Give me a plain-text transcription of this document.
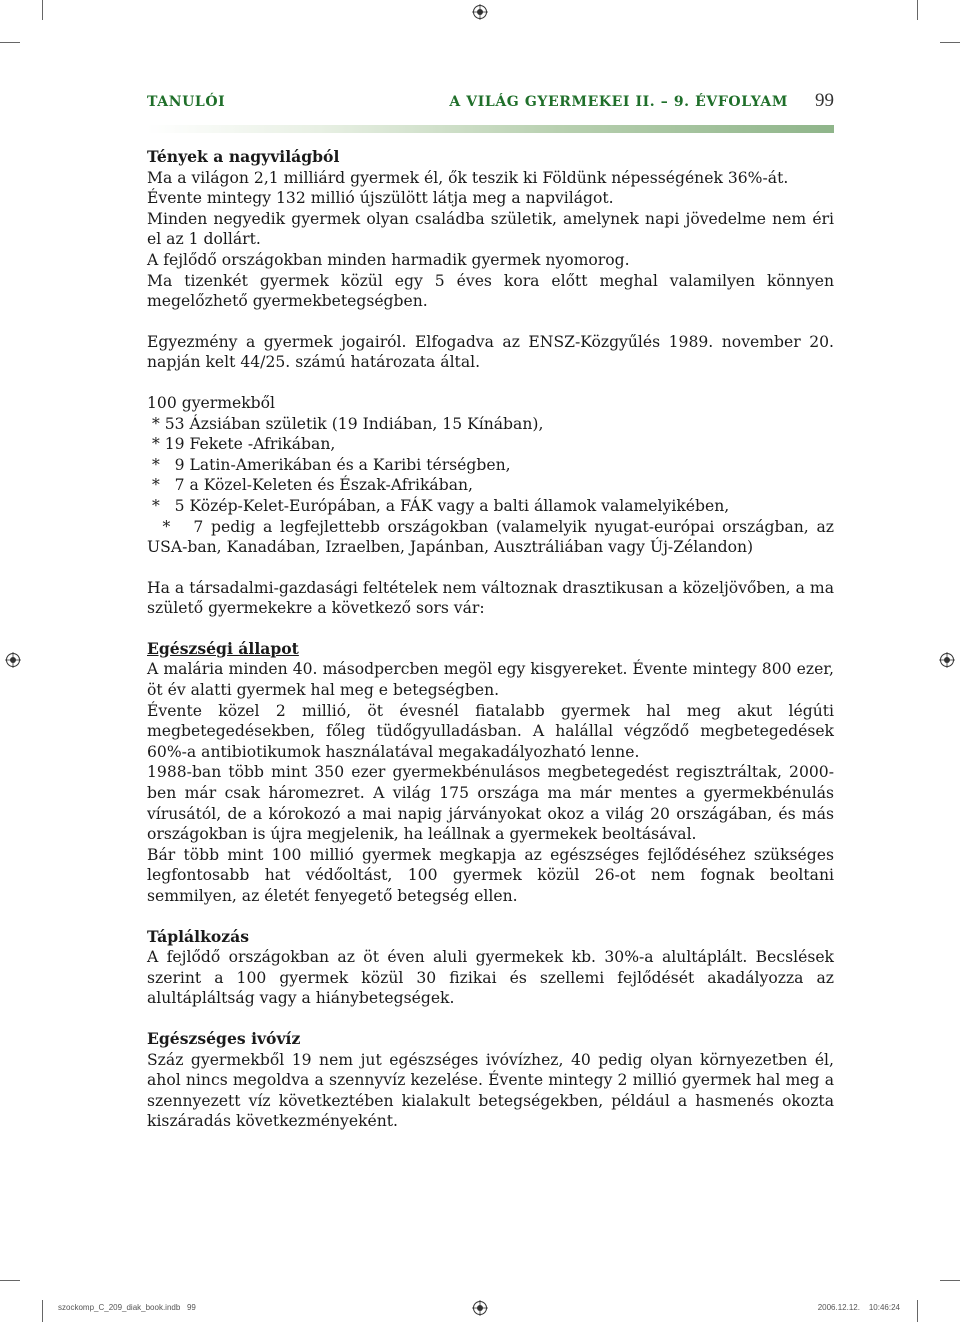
TANULÓI	A VILÁG GYERMEKEI II. – 9. ÉVFOLYAM 99

Tények a nagyvilágból

Ma a világon 2,1 milliárd gyermek él, ők teszik ki Földünk népességének 36%-át.

Évente mintegy 132 millió újszülött látja meg a napvilágot.

Minden negyedik gyermek olyan családba születik, amelynek napi jövedelme nem éri el az 1 dollárt.

A fejlődő országokban minden harmadik gyermek nyomorog.

Ma tizenkét gyermek közül egy 5 éves kora előtt meghal valamilyen könnyen megelőzhető gyermekbetegségben.

Egyezmény a gyermek jogairól. Elfogadva az ENSZ-Közgyűlés 1989. november 20. napján kelt 44/25. számú határozata által.

100 gyermekből

* 53 Ázsiában születik (19 Indiában, 15 Kínában),

* 19 Fekete -Afrikában,

*   9 Latin-Amerikában és a Karibi térségben,

*   7 a Közel-Keleten és Észak-Afrikában,

*   5 Közép-Kelet-Európában, a FÁK vagy a balti államok valamelyikében,

*   7 pedig a legfejlettebb országokban (valamelyik nyugat-európai országban, az USA-ban, Kanadában, Izraelben, Japánban, Ausztráliában vagy Új-Zélandon)

Ha a társadalmi-gazdasági feltételek nem változnak drasztikusan a közeljövőben, a ma születő gyermekekre a következő sors vár:

Egészségi állapot

A malária minden 40. másodpercben megöl egy kisgyereket. Évente mintegy 800 ezer, öt év alatti gyermek hal meg e betegségben.

Évente közel 2 millió, öt évesnél fiatalabb gyermek hal meg akut légúti megbetegedésekben, főleg tüdőgyulladásban. A halállal végződő megbetegedések 60%-a antibiotikumok használatával megakadályozható lenne.

1988-ban több mint 350 ezer gyermekbénulásos megbetegedést regisztráltak, 2000-ben már csak háromezret. A világ 175 országa ma már mentes a gyermekbénulás vírusától, de a kórokozó a mai napig járványokat okoz a világ 20 országában, és más országokban is újra megjelenik, ha leállnak a gyermekek beoltásával.

Bár több mint 100 millió gyermek megkapja az egészséges fejlődéséhez szükséges legfontosabb hat védőoltást, 100 gyermek közül 26-ot nem fognak beoltani semmilyen, az életét fenyegető betegség ellen.

Táplálkozás

A fejlődő országokban az öt éven aluli gyermekek kb. 30%-a alultáplált. Becslések szerint a 100 gyermek közül 30 fizikai és szellemi fejlődését akadályozza az alultápláltság vagy a hiánybetegségek.

Egészséges ivóvíz

Száz gyermekből 19 nem jut egészséges ivóvízhez, 40 pedig olyan környezetben él, ahol nincs megoldva a szennyvíz kezelése. Évente mintegy 2 millió gyermek hal meg a szennyezett víz következtében kialakult betegségekben, például a hasmenés okozta kiszáradás következményeként.

szockomp_C_209_diak_book.indb   99	2006.12.12. 10:46:24
